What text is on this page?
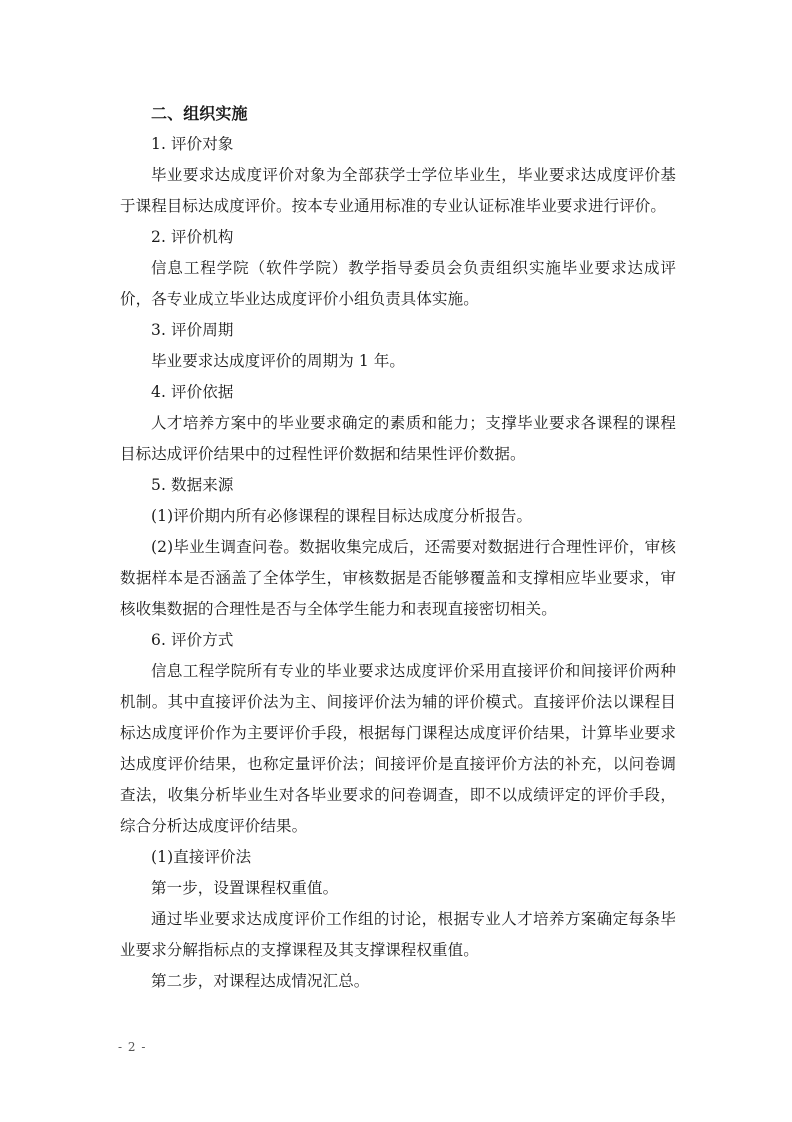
二、组织实施

1. 评价对象

毕业要求达成度评价对象为全部获学士学位毕业生，毕业要求达成度评价基于课程目标达成度评价。按本专业通用标准的专业认证标准毕业要求进行评价。

2. 评价机构

信息工程学院（软件学院）教学指导委员会负责组织实施毕业要求达成评价，各专业成立毕业达成度评价小组负责具体实施。

3. 评价周期

毕业要求达成度评价的周期为 1 年。

4. 评价依据

人才培养方案中的毕业要求确定的素质和能力；支撑毕业要求各课程的课程目标达成评价结果中的过程性评价数据和结果性评价数据。

5. 数据来源

(1)评价期内所有必修课程的课程目标达成度分析报告。

(2)毕业生调查问卷。数据收集完成后，还需要对数据进行合理性评价，审核数据样本是否涵盖了全体学生，审核数据是否能够覆盖和支撑相应毕业要求，审核收集数据的合理性是否与全体学生能力和表现直接密切相关。

6. 评价方式

信息工程学院所有专业的毕业要求达成度评价采用直接评价和间接评价两种机制。其中直接评价法为主、间接评价法为辅的评价模式。直接评价法以课程目标达成度评价作为主要评价手段，根据每门课程达成度评价结果，计算毕业要求达成度评价结果，也称定量评价法；间接评价是直接评价方法的补充，以问卷调查法，收集分析毕业生对各毕业要求的问卷调查，即不以成绩评定的评价手段，综合分析达成度评价结果。

(1)直接评价法

第一步，设置课程权重值。

通过毕业要求达成度评价工作组的讨论，根据专业人才培养方案确定每条毕业要求分解指标点的支撑课程及其支撑课程权重值。

第二步，对课程达成情况汇总。

- 2 -
